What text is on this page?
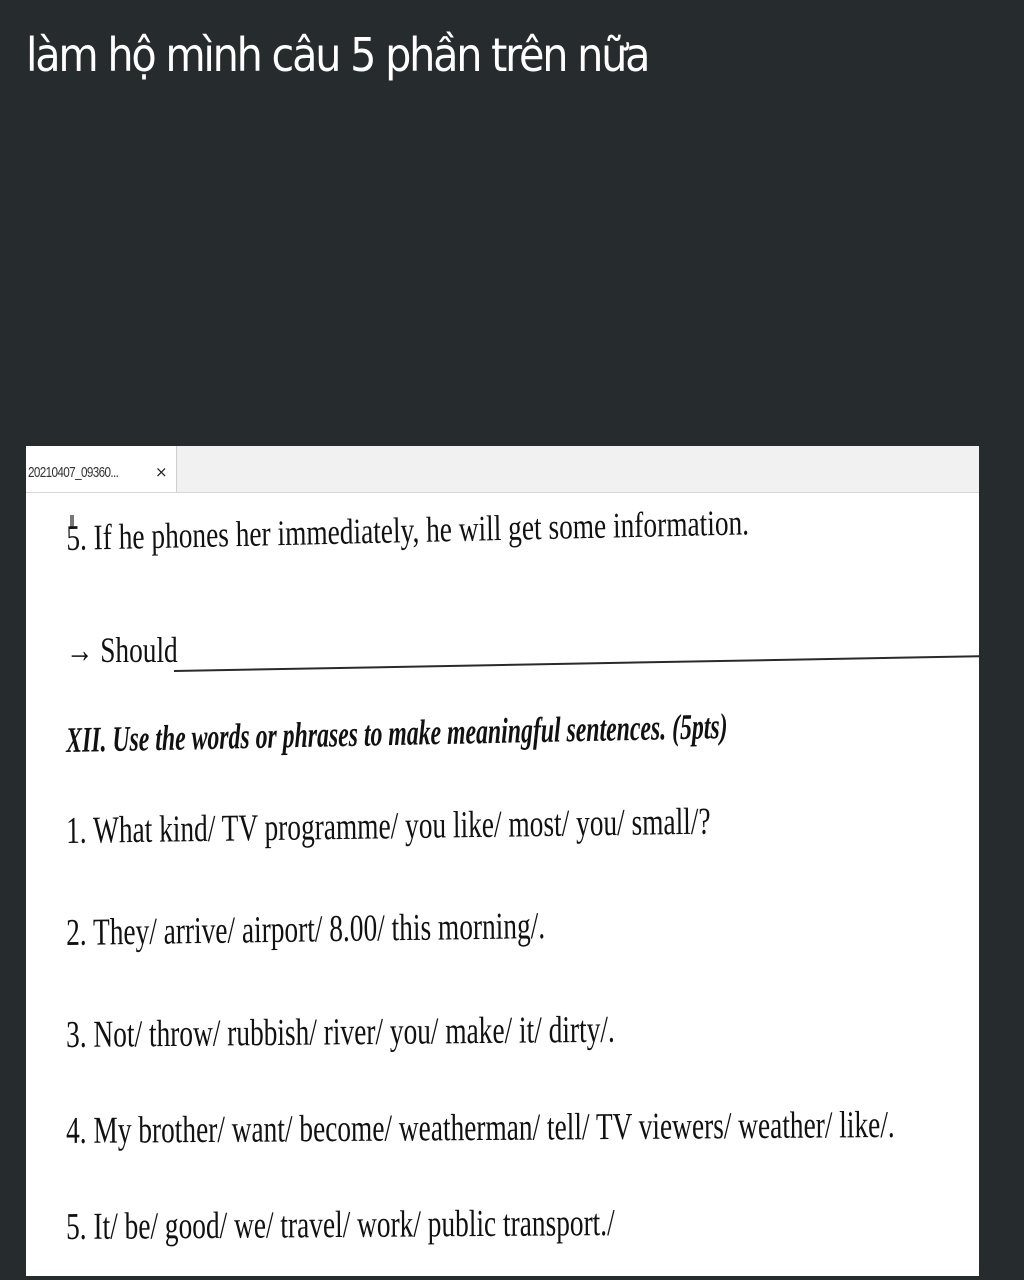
làm hộ mình câu 5 phần trên nữa
20210407_09360... ×
5. If he phones her immediately, he will get some information.
→ Should
XII. Use the words or phrases to make meaningful sentences. (5pts)
1. What kind/ TV programme/ you like/ most/ you/ small/?
2. They/ arrive/ airport/ 8.00/ this morning/.
3. Not/ throw/ rubbish/ river/ you/ make/ it/ dirty/.
4. My brother/ want/ become/ weatherman/ tell/ TV viewers/ weather/ like/.
5. It/ be/ good/ we/ travel/ work/ public transport./
